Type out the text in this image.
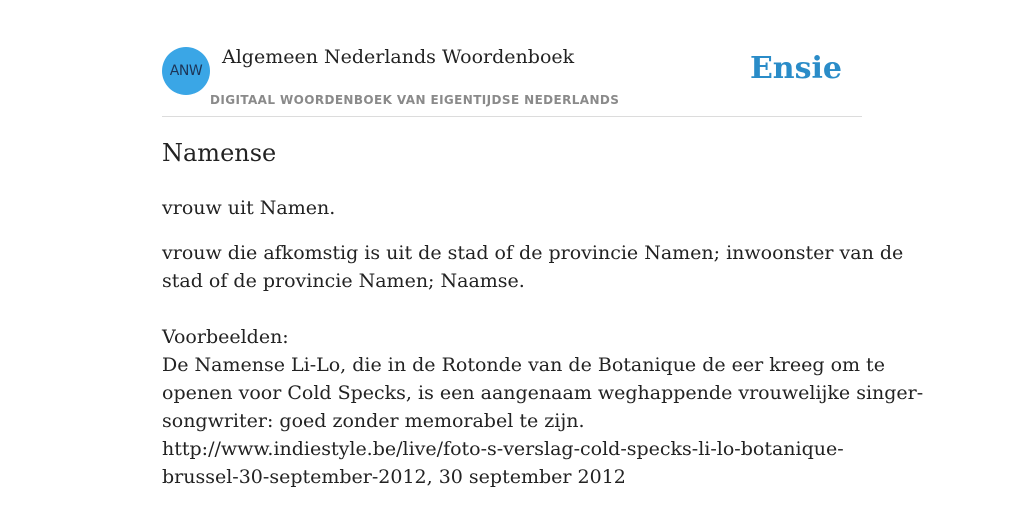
ANW
Algemeen Nederlands Woordenboek
DIGITAAL WOORDENBOEK VAN EIGENTIJDSE NEDERLANDS
Ensie
Namense

vrouw uit Namen.

vrouw die afkomstig is uit de stad of de provincie Namen; inwoonster van de
stad of de provincie Namen; Naamse.
Voorbeelden:
De Namense Li-Lo, die in de Rotonde van de Botanique de eer kreeg om te
openen voor Cold Specks, is een aangenaam weghappende vrouwelijke singer-
songwriter: goed zonder memorabel te zijn.
http://www.indiestyle.be/live/foto-s-verslag-cold-specks-li-lo-botanique-
brussel-30-september-2012, 30 september 2012
